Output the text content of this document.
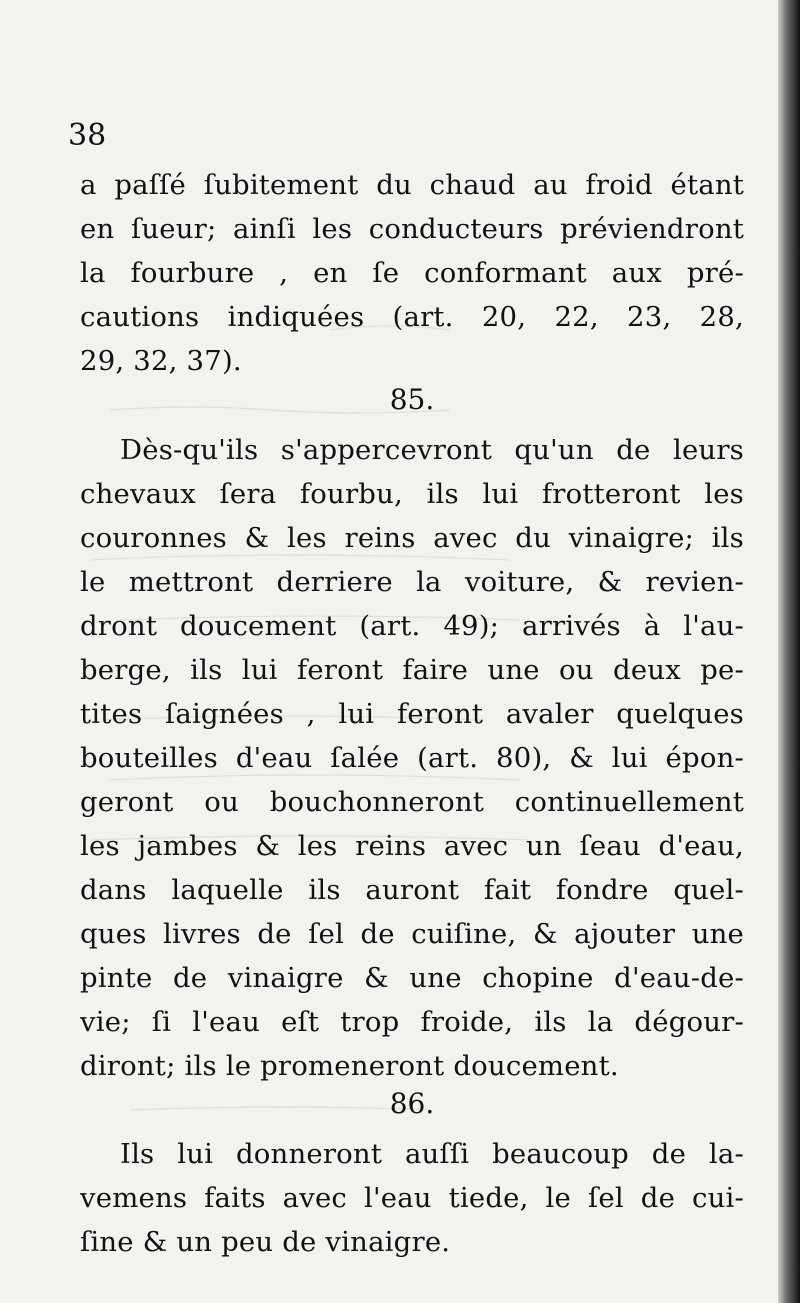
38
a paſſé ſubitement du chaud au froid étant
en ſueur; ainſi les conducteurs préviendront
la fourbure , en ſe conformant aux pré-
cautions indiquées (art. 20, 22, 23, 28,
29, 32, 37).
85.
Dès-qu'ils s'appercevront qu'un de leurs
chevaux ſera fourbu, ils lui frotteront les
couronnes & les reins avec du vinaigre; ils
le mettront derriere la voiture, & revien-
dront doucement (art. 49); arrivés à l'au-
berge, ils lui feront faire une ou deux pe-
tites ſaignées , lui feront avaler quelques
bouteilles d'eau ſalée (art. 80), & lui épon-
geront ou bouchonneront continuellement
les jambes & les reins avec un ſeau d'eau,
dans laquelle ils auront fait fondre quel-
ques livres de ſel de cuiſine, & ajouter une
pinte de vinaigre & une chopine d'eau-de-
vie; ſi l'eau eſt trop froide, ils la dégour-
diront; ils le promeneront doucement.
86.
Ils lui donneront auſſi beaucoup de la-
vemens faits avec l'eau tiede, le ſel de cui-
ſine & un peu de vinaigre.
